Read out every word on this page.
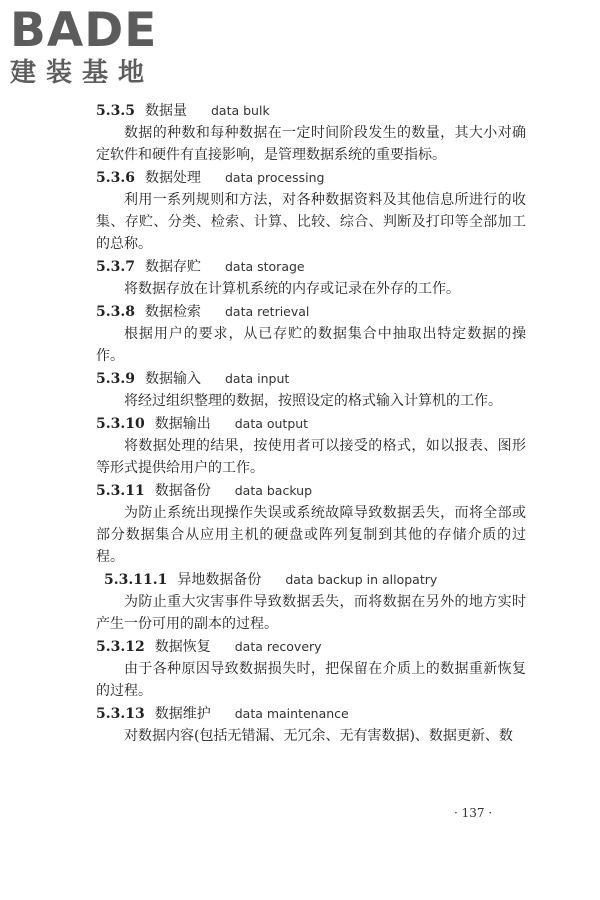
BADE
建装基地
5.3.5 数据量 data bulk

数据的种数和每种数据在一定时间阶段发生的数量，其大小对确定软件和硬件有直接影响，是管理数据系统的重要指标。

5.3.6 数据处理 data processing

利用一系列规则和方法，对各种数据资料及其他信息所进行的收集、存贮、分类、检索、计算、比较、综合、判断及打印等全部加工的总称。

5.3.7 数据存贮 data storage

将数据存放在计算机系统的内存或记录在外存的工作。

5.3.8 数据检索 data retrieval

根据用户的要求，从已存贮的数据集合中抽取出特定数据的操作。

5.3.9 数据输入 data input

将经过组织整理的数据，按照设定的格式输入计算机的工作。

5.3.10 数据输出 data output

将数据处理的结果，按使用者可以接受的格式，如以报表、图形等形式提供给用户的工作。

5.3.11 数据备份 data backup

为防止系统出现操作失误或系统故障导致数据丢失，而将全部或部分数据集合从应用主机的硬盘或阵列复制到其他的存储介质的过程。

5.3.11.1 异地数据备份 data backup in allopatry

为防止重大灾害事件导致数据丢失，而将数据在另外的地方实时产生一份可用的副本的过程。

5.3.12 数据恢复 data recovery

由于各种原因导致数据损失时，把保留在介质上的数据重新恢复的过程。

5.3.13 数据维护 data maintenance

对数据内容(包括无错漏、无冗余、无有害数据)、数据更新、数

· 137 ·
